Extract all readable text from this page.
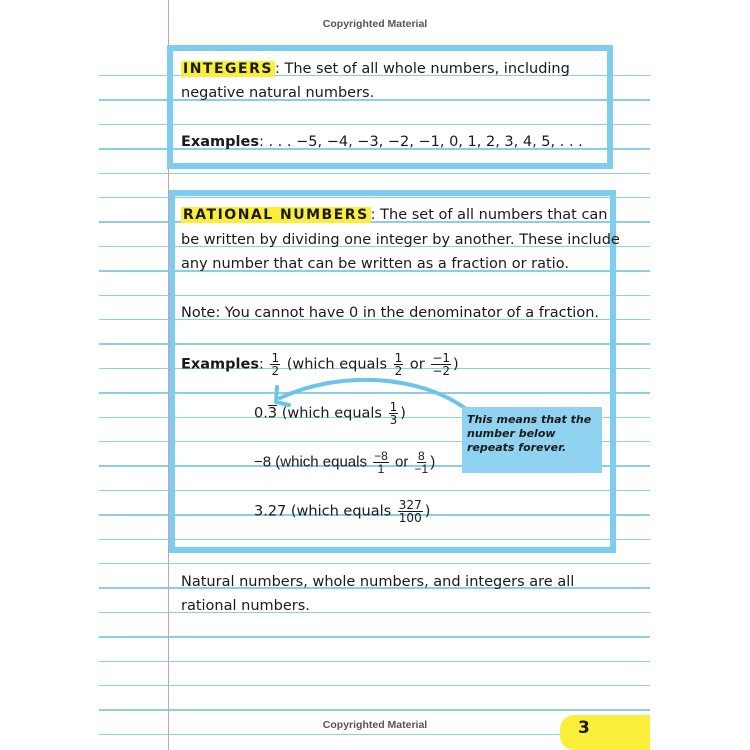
Copyrighted Material
INTEGERS : The set of all whole numbers, including
negative natural numbers.
Examples: . . . −5, −4, −3, −2, −1, 0, 1, 2, 3, 4, 5, . . .
RATIONAL NUMBERS : The set of all numbers that can
be written by dividing one integer by another. These include
any number that can be written as a fraction or ratio.
Note: You cannot have 0 in the denominator of a fraction.
Examples: $\frac{1}{2}$ (which equals $\frac{1}{2}$ or $\frac{-1}{-2}$ )
0.3 (which equals $\frac{1}{3}$ )
−8 (which equals $\frac{-8}{1}$ or $\frac{8}{-1}$ )
3.27 (which equals $\frac{327}{100}$ )
This means that the number below repeats forever.
Natural numbers, whole numbers, and integers are all
rational numbers.
Copyrighted Material	3
